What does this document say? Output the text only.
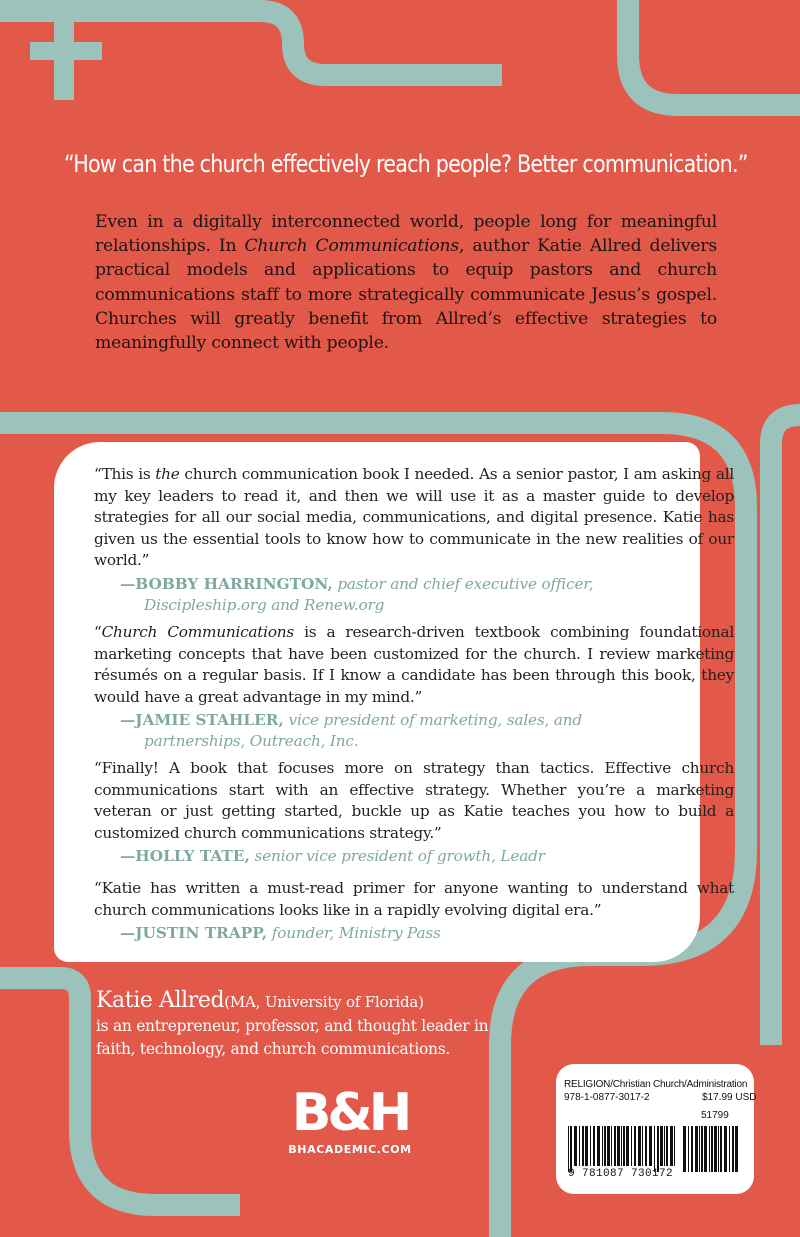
“How can the church effectively reach people? Better communication.”

Even in a digitally interconnected world, people long for meaningful relationships. In Church Communications, author Katie Allred delivers practical models and applications to equip pastors and church communications staff to more strategically communicate Jesus’s gospel. Churches will greatly benefit from Allred’s effective strategies to meaningfully connect with people.

“This is the church communication book I needed. As a senior pastor, I am asking all my key leaders to read it, and then we will use it as a master guide to develop strategies for all our social media, communications, and digital presence. Katie has given us the essential tools to know how to communicate in the new realities of our world.”

—BOBBY HARRINGTON, pastor and chief executive officer,
Discipleship.org and Renew.org

“Church Communications is a research-driven textbook combining foundational marketing concepts that have been customized for the church. I review marketing résumés on a regular basis. If I know a candidate has been through this book, they would have a great advantage in my mind.”

—JAMIE STAHLER, vice president of marketing, sales, and
partnerships, Outreach, Inc.

“Finally! A book that focuses more on strategy than tactics. Effective church communications start with an effective strategy. Whether you’re a marketing veteran or just getting started, buckle up as Katie teaches you how to build a customized church communications strategy.”

—HOLLY TATE, senior vice president of growth, Leadr

“Katie has written a must-read primer for anyone wanting to understand what church communications looks like in a rapidly evolving digital era.”

—JUSTIN TRAPP, founder, Ministry Pass
Katie Allred(MA, University of Florida)
is an entrepreneur, professor, and thought leader in faith, technology, and church communications.
B&H
BHACADEMIC.COM
RELIGION/Christian Church/Administration
978-1-0877-3017-2	$17.99 USD
51799
9 781087 730172
